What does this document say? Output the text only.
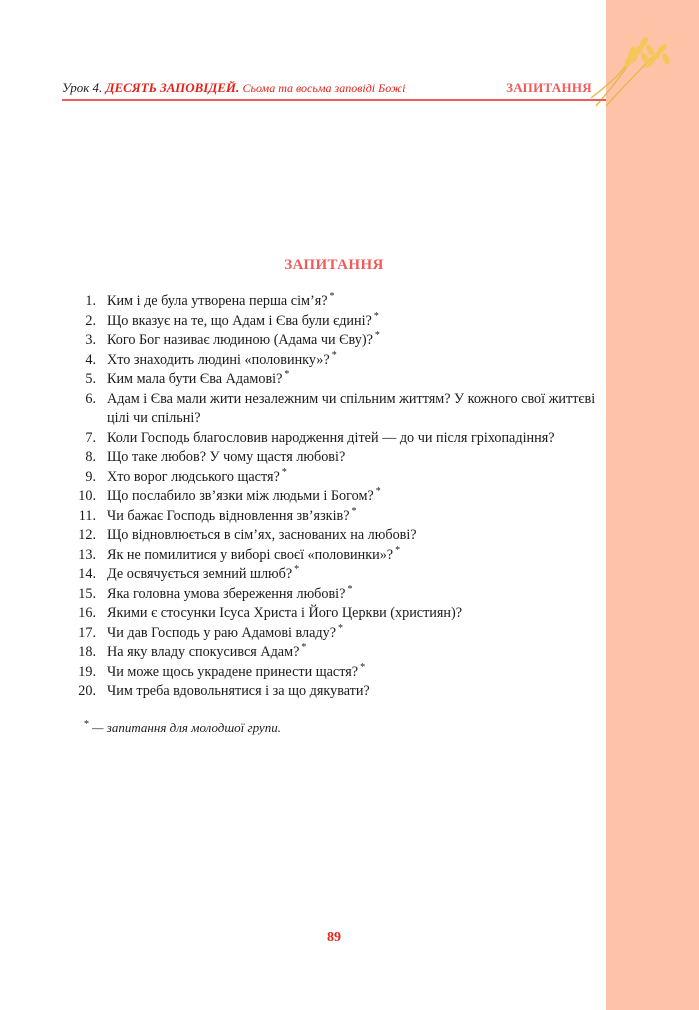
Урок 4. ДЕСЯТЬ ЗАПОВІДЕЙ. Сьома та восьма заповіді Божі	ЗАПИТАННЯ
ЗАПИТАННЯ
1. Ким і де була утворена перша сім’я? *
2. Що вказує на те, що Адам і Єва були єдині? *
3. Кого Бог називає людиною (Адама чи Єву)? *
4. Хто знаходить людині «половинку»? *
5. Ким мала бути Єва Адамові? *
6. Адам і Єва мали жити незалежним чи спільним життям? У кожного свої життєві цілі чи спільні?
7. Коли Господь благословив народження дітей — до чи після гріхопадіння?
8. Що таке любов? У чому щастя любові?
9. Хто ворог людського щастя? *
10. Що послабило зв’язки між людьми і Богом? *
11. Чи бажає Господь відновлення зв’язків? *
12. Що відновлюється в сім’ях, заснованих на любові?
13. Як не помилитися у виборі своєї «половинки»? *
14. Де освячується земний шлюб? *
15. Яка головна умова збереження любові? *
16. Якими є стосунки Ісуса Христа і Його Церкви (християн)?
17. Чи дав Господь у раю Адамові владу? *
18. На яку владу спокусився Адам? *
19. Чи може щось украдене принести щастя? *
20. Чим треба вдовольнятися і за що дякувати?
* — запитання для молодшої групи.
89
